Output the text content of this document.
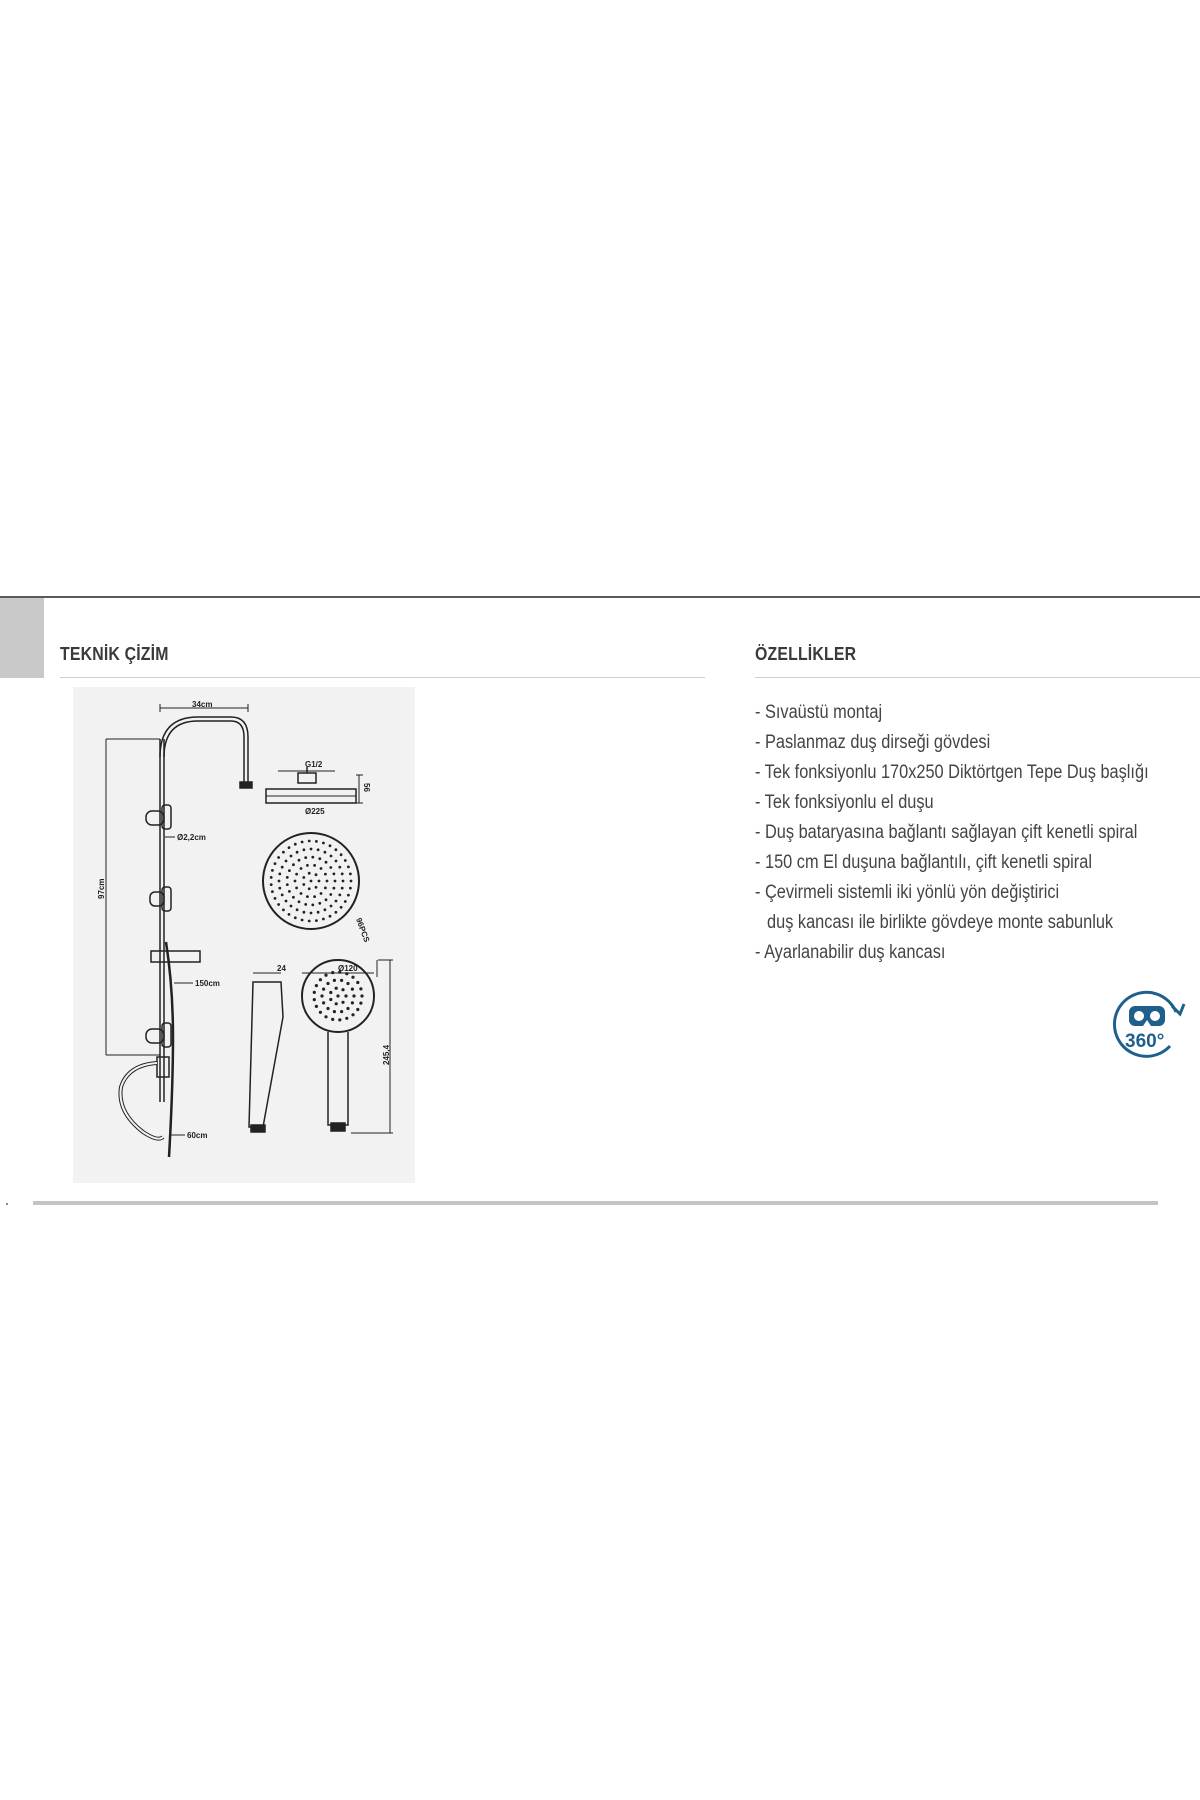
TEKNİK ÇİZİM	ÖZELLİKLER
34cm
97cm
Ø2,2cm
150cm
60cm
G1/2
56
Ø225
96PCS
24	Ø120
245,4
- Sıvaüstü montaj
- Paslanmaz duş dirseği gövdesi
- Tek fonksiyonlu 170x250 Diktörtgen Tepe Duş başlığı
- Tek fonksiyonlu el duşu
- Duş bataryasına bağlantı sağlayan çift kenetli spiral
- 150 cm El duşuna bağlantılı, çift kenetli spiral
- Çevirmeli sistemli iki yönlü yön değiştirici
duş kancası ile birlikte gövdeye monte sabunluk
- Ayarlanabilir duş kancası
360°
